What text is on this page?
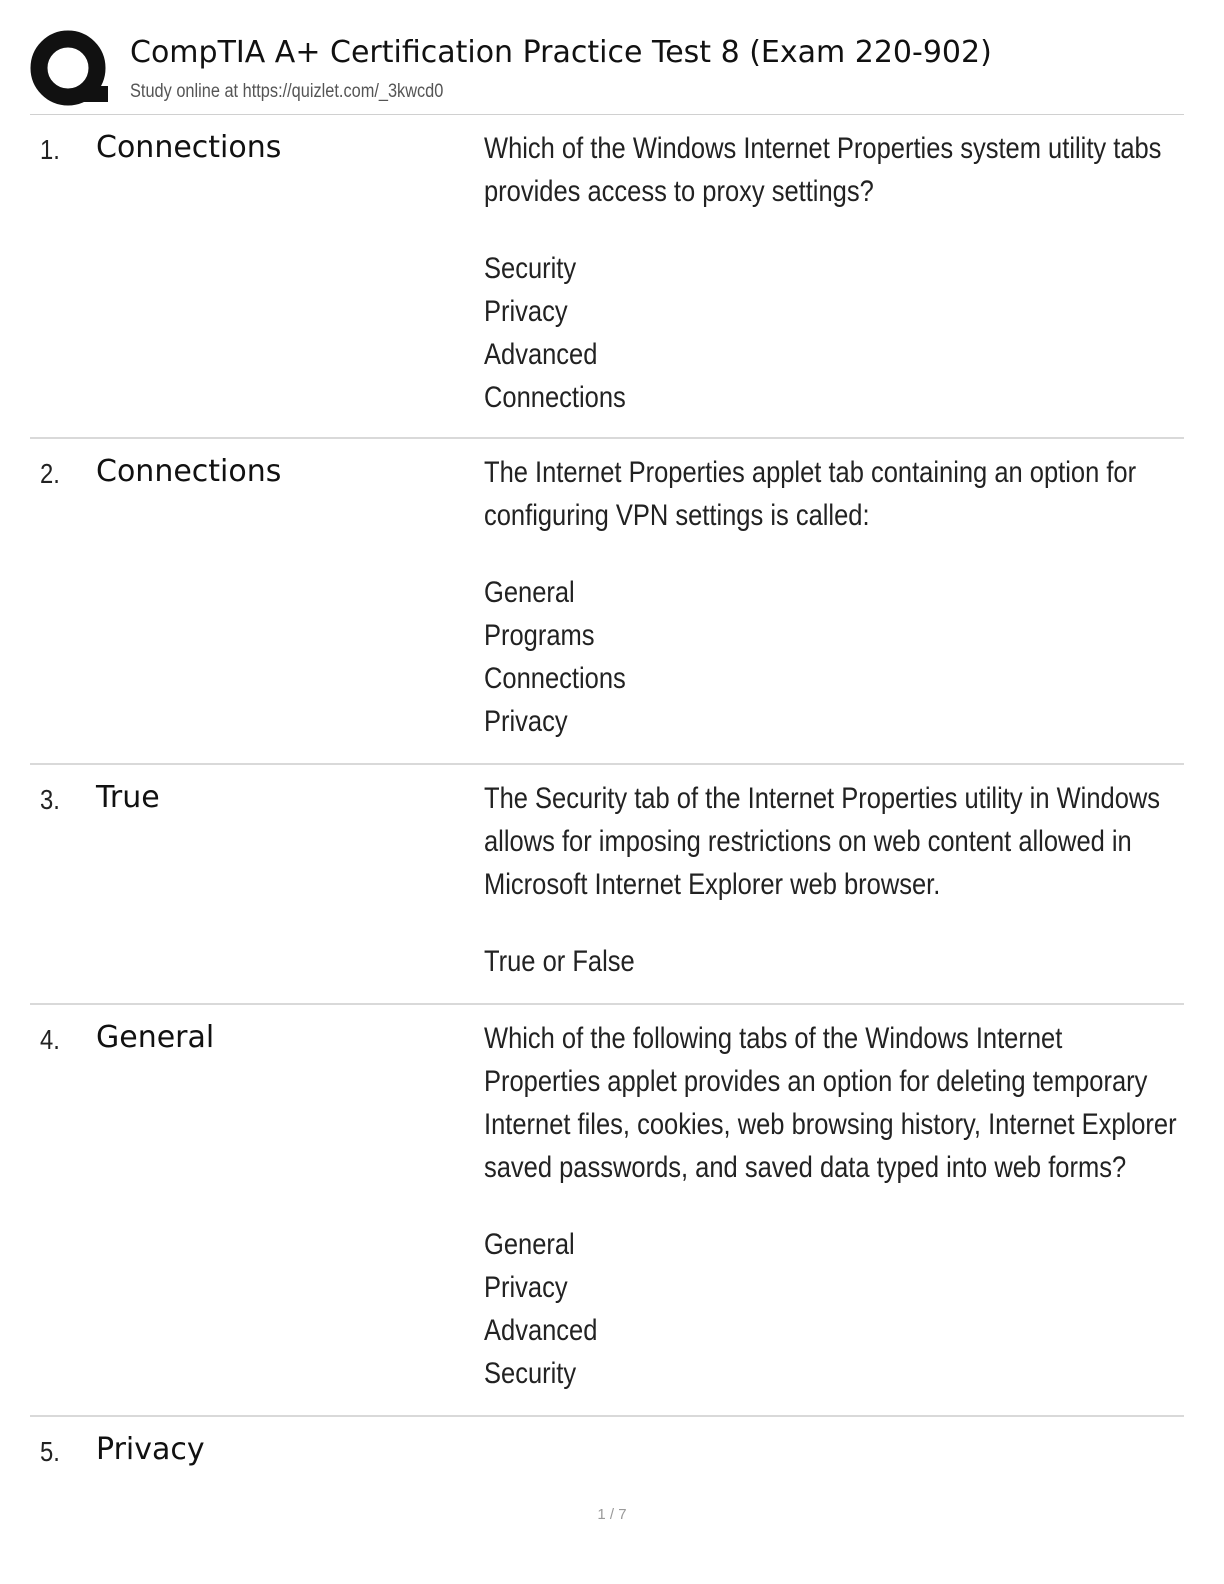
CompTIA A+ Certification Practice Test 8 (Exam 220-902)
Study online at https://quizlet.com/_3kwcd0
1. Connections	Which of the Windows Internet Properties system utility tabs provides access to proxy settings?

Security
Privacy
Advanced
Connections
2. Connections	The Internet Properties applet tab containing an option for configuring VPN settings is called:

General
Programs
Connections
Privacy
3. True	The Security tab of the Internet Properties utility in Windows allows for imposing restrictions on web content allowed in Microsoft Internet Explorer web browser.

True or False
4. General	Which of the following tabs of the Windows Internet Properties applet provides an option for deleting temporary Internet files, cookies, web browsing history, Internet Explorer saved passwords, and saved data typed into web forms?

General
Privacy
Advanced
Security
5. Privacy
1 / 7
